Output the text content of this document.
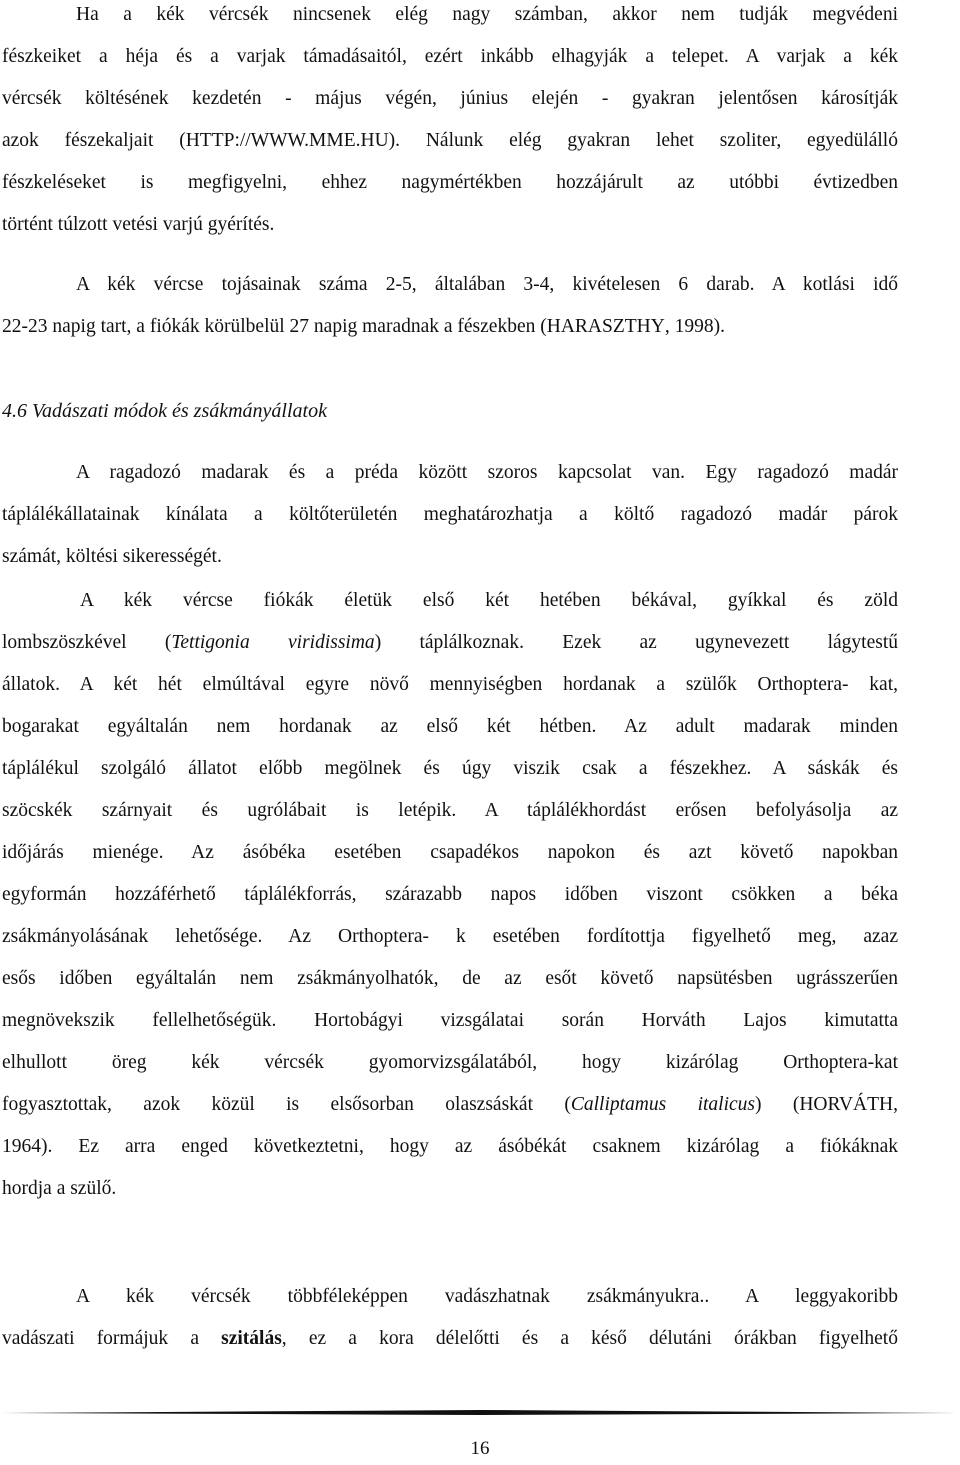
Ha a kék vércsék nincsenek elég nagy számban, akkor nem tudják megvédeni
fészkeiket a héja és a varjak támadásaitól, ezért inkább elhagyják a telepet. A varjak a kék
vércsék költésének kezdetén - május végén, június elején - gyakran jelentősen károsítják
azok fészekaljait (HTTP://WWW.MME.HU). Nálunk elég gyakran lehet szoliter, egyedülálló
fészkeléseket is megfigyelni, ehhez nagymértékben hozzájárult az utóbbi évtizedben
történt túlzott vetési varjú gyérítés.
A kék vércse tojásainak száma 2-5, általában 3-4, kivételesen 6 darab. A kotlási idő
22-23 napig tart, a fiókák körülbelül 27 napig maradnak a fészekben (HARASZTHY, 1998).
4.6 Vadászati módok és zsákmányállatok
A ragadozó madarak és a préda között szoros kapcsolat van. Egy ragadozó madár
táplálékállatainak kínálata a költőterületén meghatározhatja a költő ragadozó madár párok
számát, költési sikerességét.
A kék vércse fiókák életük első két hetében békával, gyíkkal és zöld
lombszöszkével (Tettigonia viridissima) táplálkoznak. Ezek az ugynevezett lágytestű
állatok. A két hét elmúltával egyre növő mennyiségben hordanak a szülők Orthoptera- kat,
bogarakat egyáltalán nem hordanak az első két hétben. Az adult madarak minden
táplálékul szolgáló állatot előbb megölnek és úgy viszik csak a fészekhez. A sáskák és
szöcskék szárnyait és ugrólábait is letépik. A táplálékhordást erősen befolyásolja az
időjárás mienége. Az ásóbéka esetében csapadékos napokon és azt követő napokban
egyformán hozzáférhető táplálékforrás, szárazabb napos időben viszont csökken a béka
zsákmányolásának lehetősége. Az Orthoptera- k esetében fordítottja figyelhető meg, azaz
esős időben egyáltalán nem zsákmányolhatók, de az esőt követő napsütésben ugrásszerűen
megnövekszik fellelhetőségük. Hortobágyi vizsgálatai során Horváth Lajos kimutatta
elhullott öreg kék vércsék gyomorvizsgálatából, hogy kizárólag Orthoptera-kat
fogyasztottak, azok közül is elsősorban olaszsáskát (Calliptamus italicus) (HORVÁTH,
1964). Ez arra enged következtetni, hogy az ásóbékát csaknem kizárólag a fiókáknak
hordja a szülő.
A kék vércsék többféleképpen vadászhatnak zsákmányukra.. A leggyakoribb
vadászati formájuk a szitálás, ez a kora délelőtti és a késő délutáni órákban figyelhető
16
